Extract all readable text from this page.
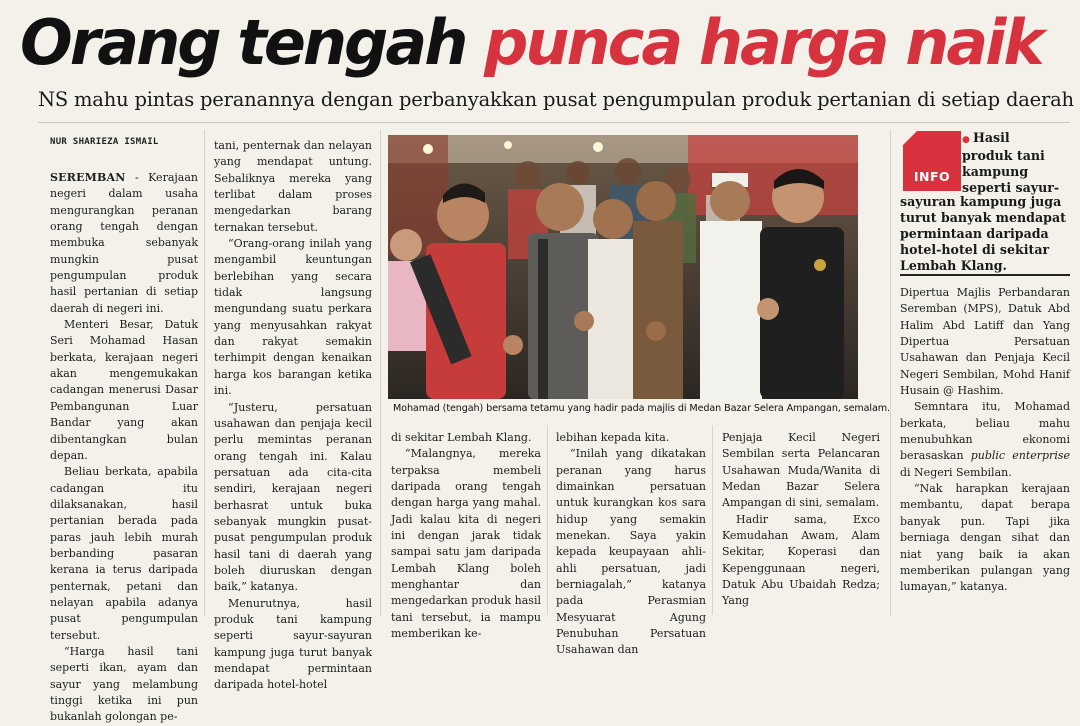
Orang tengah punca harga naik
NS mahu pintas peranannya dengan perbanyakkan pusat pengumpulan produk pertanian di setiap daerah
NUR SHARIEZA ISMAIL

SEREMBAN - Kerajaan negeri dalam usaha mengurangkan peranan orang tengah dengan membuka sebanyak mungkin pusat pengumpulan produk hasil pertanian di setiap daerah di negeri ini.

Menteri Besar, Datuk Seri Mohamad Hasan berkata, kerajaan negeri akan mengemukakan cadangan menerusi Dasar Pembangunan Luar Bandar yang akan dibentangkan bulan depan.

Beliau berkata, apabila cadangan itu dilaksanakan, hasil pertanian berada pada paras jauh lebih murah berbanding pasaran kerana ia terus daripada penternak, petani dan nelayan apabila adanya pusat pengumpulan tersebut.

“Harga hasil tani seperti ikan, ayam dan sayur yang melambung tinggi ketika ini pun bukanlah golongan pe-

tani, penternak dan nelayan yang mendapat untung. Sebaliknya mereka yang terlibat dalam proses mengedarkan barang ternakan tersebut.

“Orang-orang inilah yang mengambil keuntungan berlebihan yang secara tidak langsung mengundang suatu perkara yang menyusahkan rakyat dan rakyat semakin terhimpit dengan kenaikan harga kos barangan ketika ini.

“Justeru, persatuan usahawan dan penjaja kecil perlu memintas peranan orang tengah ini. Kalau persatuan ada cita-cita sendiri, kerajaan negeri berhasrat untuk buka sebanyak mungkin pusat-pusat pengumpulan produk hasil tani di daerah yang boleh diuruskan dengan baik,” katanya.

Menurutnya, hasil produk tani kampung seperti sayur-sayuran kampung juga turut banyak mendapat permintaan daripada hotel-hotel

Mohamad (tengah) bersama tetamu yang hadir pada majlis di Medan Bazar Selera Ampangan, semalam.

di sekitar Lembah Klang.

“Malangnya, mereka terpaksa membeli daripada orang tengah dengan harga yang mahal. Jadi kalau kita di negeri ini dengan jarak tidak sampai satu jam daripada Lembah Klang boleh menghantar dan mengedarkan produk hasil tani tersebut, ia mampu memberikan ke-

lebihan kepada kita.

“Inilah yang dikatakan peranan yang harus dimainkan persatuan untuk kurangkan kos sara hidup yang semakin menekan. Saya yakin kepada keupayaan ahli-ahli persatuan, jadi berniagalah,” katanya pada Perasmian Mesyuarat Agung Penubuhan Persatuan Usahawan dan

Penjaja Kecil Negeri Sembilan serta Pelancaran Usahawan Muda/Wanita di Medan Bazar Selera Ampangan di sini, semalam.

Hadir sama, Exco Kemudahan Awam, Alam Sekitar, Koperasi dan Kepenggunaan negeri, Datuk Abu Ubaidah Redza; Yang

INFO
● Hasil
produk tani
kampung
seperti sayur-
sayuran kampung juga
turut banyak mendapat
permintaan daripada
hotel-hotel di sekitar
Lembah Klang.

Dipertua Majlis Perbandaran Seremban (MPS), Datuk Abd Halim Abd Latiff dan Yang Dipertua Persatuan Usahawan dan Penjaja Kecil Negeri Sembilan, Mohd Hanif Husain @ Hashim.

Semntara itu, Mohamad berkata, beliau mahu menubuhkan ekonomi berasaskan public enterprise di Negeri Sembilan.

“Nak harapkan kerajaan membantu, dapat berapa banyak pun. Tapi jika berniaga dengan sihat dan niat yang baik ia akan memberikan pulangan yang lumayan,” katanya.
